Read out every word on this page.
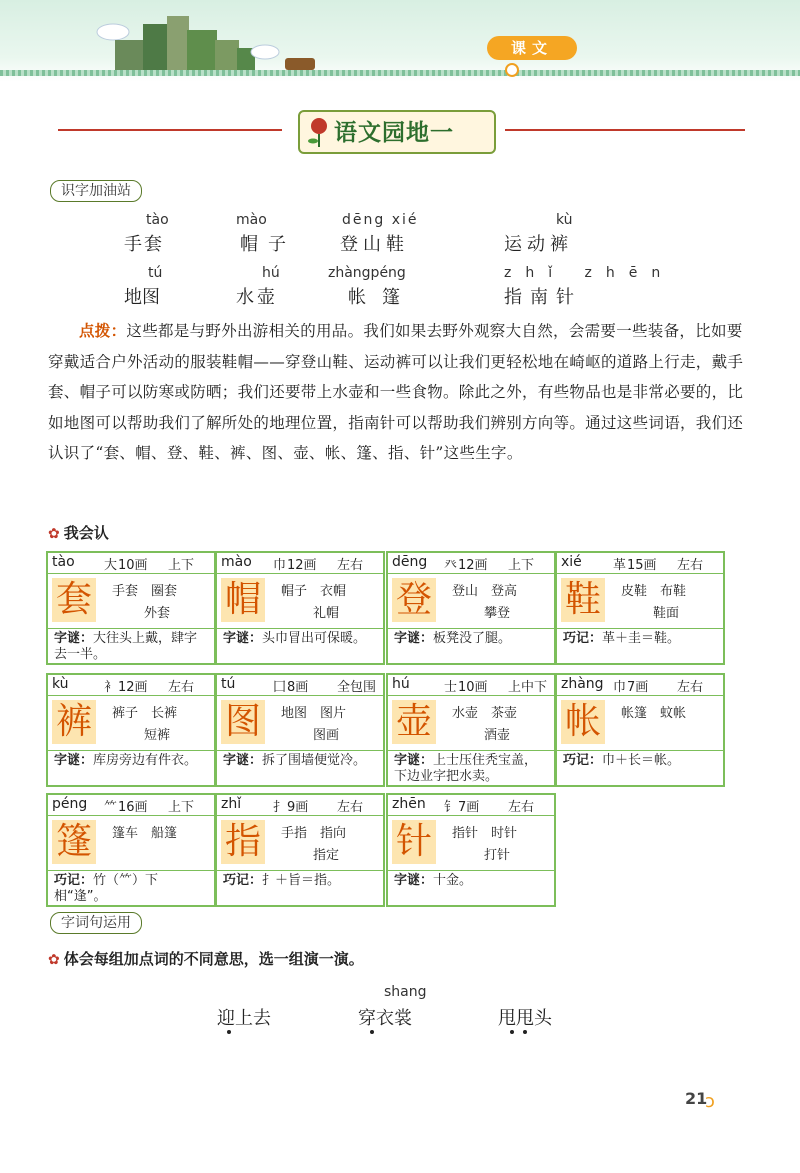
课文
语文园地一
识字加油站
tào
手套
mào
帽子
dēng xié
登山鞋
kù
运动裤
tú
地图
hú
水壶
zhàngpéng
帐篷
zhǐ zhēn
指南针
点拨：这些都是与野外出游相关的用品。我们如果去野外观察大自然，会需要一些装备，比如要穿戴适合户外活动的服装鞋帽——穿登山鞋、运动裤可以让我们更轻松地在崎岖的道路上行走，戴手套、帽子可以防寒或防晒；我们还要带上水壶和一些食物。除此之外，有些物品也是非常必要的，比如地图可以帮助我们了解所处的地理位置，指南针可以帮助我们辨别方向等。通过这些词语，我们还认识了“套、帽、登、鞋、裤、图、壶、帐、篷、指、针”这些生字。
✿ 我会认
tào 大 10画 上下
套	手套　圈套
外套
字谜：大往头上戴，肆字去一半。
mào 巾 12画 左右
帽	帽子　衣帽
礼帽
字谜：头巾冒出可保暖。
dēng 癶 12画 上下
登	登山　登高
攀登
字谜：板凳没了腿。
xié 革 15画 左右
鞋	皮鞋　布鞋
鞋面
巧记：革＋圭＝鞋。
kù	衤 12画 左右
裤	裤子　长裤
短裤
字谜：库房旁边有件衣。
tú	囗 8画 全包围
图	地图　图片
图画
字谜：拆了围墙便觉冷。
hú	士 10画 上中下
壶	水壶　茶壶
酒壶
字谜：上士压住秃宝盖，下边业字把水卖。
zhàng 巾 7画 左右
帐	帐篷　蚊帐
巧记：巾＋长＝帐。
péng ⺮ 16画 上下
篷	篷车　船篷
巧记：竹（⺮）下相“逢”。
zhǐ 扌 9画 左右
指	手指　指向
指定
巧记：扌＋旨＝指。
zhēn 钅 7画 左右
针	指针　时针
打针
字谜：十金。
字词句运用
✿ 体会每组加点词的不同意思，选一组演一演。
迎上去
shang
穿衣裳	甩甩头
21
ↄ
